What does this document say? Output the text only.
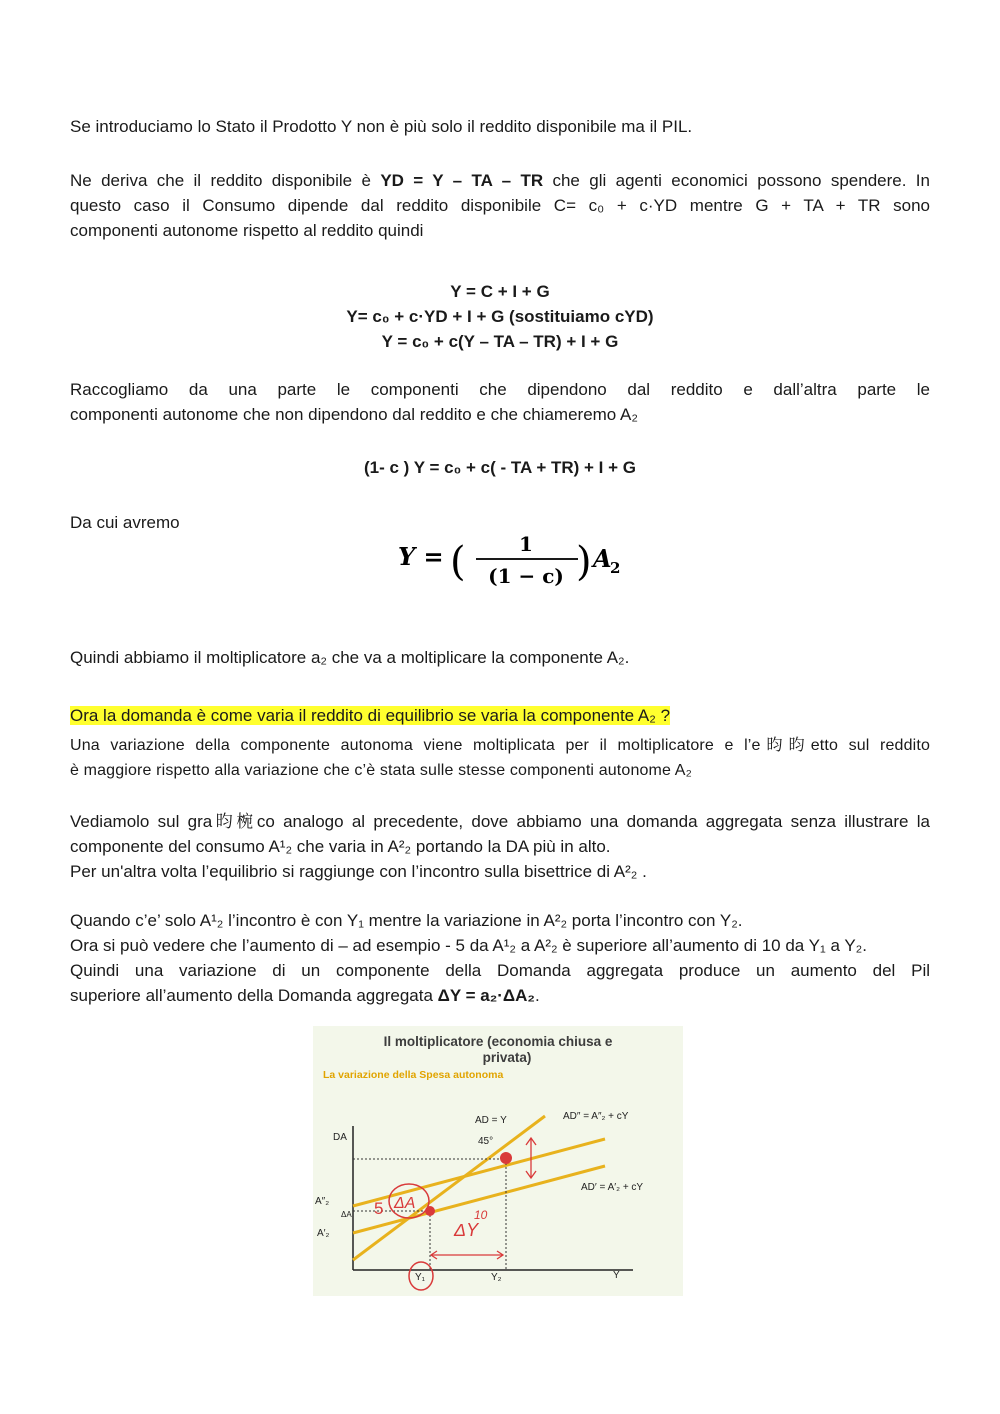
Se introduciamo lo Stato il Prodotto Y non è più solo il reddito disponibile ma il PIL.

Ne deriva che il reddito disponibile è YD = Y – TA – TR che gli agenti economici possono spendere. In
questo caso il Consumo dipende dal reddito disponibile C= c₀ + c·YD mentre G + TA + TR sono
componenti autonome rispetto al reddito quindi
Y = C + I + G
Y= c₀ + c·YD + I + G (sostituiamo cYD)
Y = c₀ + c(Y – TA – TR) + I + G
Raccogliamo da una parte le componenti che dipendono dal reddito e dall’altra parte le
componenti autonome che non dipendono dal reddito e che chiameremo A₂
(1- c ) Y = c₀ + c( - TA + TR) + I + G

Da cui avremo

Y = (	1
(1 − c) ) A
2

Quindi abbiamo il moltiplicatore a₂ che va a moltiplicare la componente A₂.

Ora la domanda è come varia il reddito di equilibrio se varia la componente A₂ ?

Una variazione della componente autonoma viene moltiplicata per il moltiplicatore e l’e昀昀etto sul reddito
è maggiore rispetto alla variazione che c’è stata sulle stesse componenti autonome A₂
Vediamolo sul gra昀椀co analogo al precedente, dove abbiamo una domanda aggregata senza illustrare la
componente del consumo A¹₂ che varia in A²₂ portando la DA più in alto.
Per un'altra volta l’equilibrio si raggiunge con l’incontro sulla bisettrice di A²₂ .
Quando c’e’ solo A¹₂ l’incontro è con Y₁ mentre la variazione in A²₂ porta l’incontro con Y₂.
Ora si può vedere che l’aumento di – ad esempio - 5 da A¹₂ a A²₂ è superiore all’aumento di 10 da Y₁ a Y₂.
Quindi una variazione di un componente della Domanda aggregata produce un aumento del Pil
superiore all’aumento della Domanda aggregata ΔY = a₂·ΔA₂.
Il moltiplicatore (economia chiusa e
privata)
La variazione della Spesa autonoma
AD = Y	AD″ = A″₂ + cY
AD′ = A′₂ + cY
45°
DA
A″₂
A′₂
Y₁	Y₂	Y
ΔA 5 ΔA
ΔY
10
